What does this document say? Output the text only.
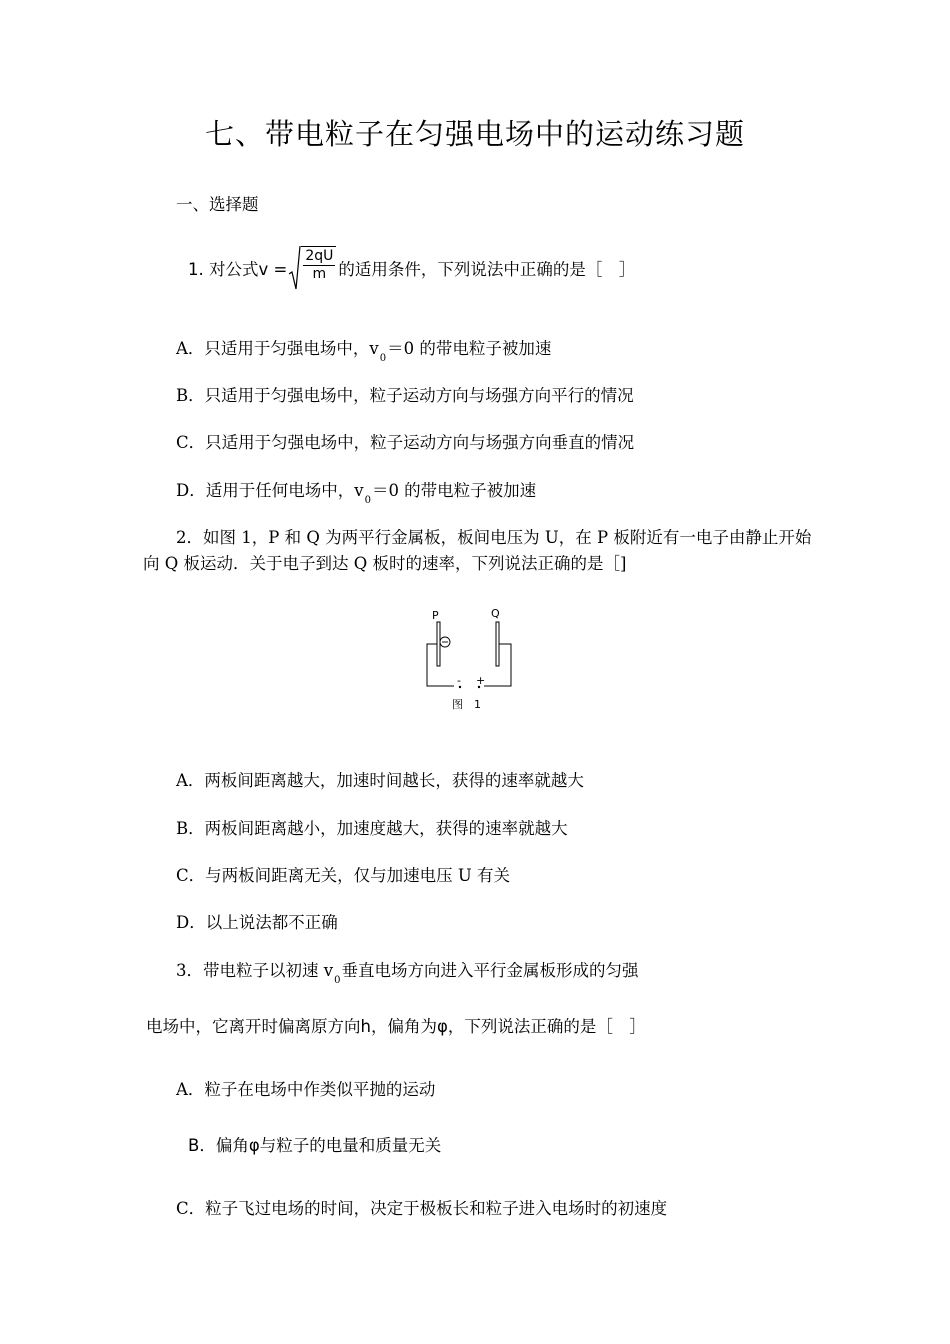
七、带电粒子在匀强电场中的运动练习题
一、选择题
1. 对公式$v = \frac{2qU}{m}$ 的适用条件，下列说法中正确的是［　］
A．只适用于匀强电场中，$v_0=0$ 的带电粒子被加速
B．只适用于匀强电场中，粒子运动方向与场强方向平行的情况
C．只适用于匀强电场中，粒子运动方向与场强方向垂直的情况
D．适用于任何电场中，$v_0=0$ 的带电粒子被加速
2．如图 1，P 和 Q 为两平行金属板，板间电压为 U，在 P 板附近有一电子由静止开始
向 Q 板运动．关于电子到达 Q 板时的速率，下列说法正确的是［]
P	Q
- +
图　1
A．两板间距离越大，加速时间越长，获得的速率就越大
B．两板间距离越小，加速度越大，获得的速率就越大
C．与两板间距离无关，仅与加速电压 U 有关
D．以上说法都不正确
3．带电粒子以初速 $v_0$垂直电场方向进入平行金属板形成的匀强
电场中，它离开时偏离原方向h，偏角为φ，下列说法正确的是［　］
A．粒子在电场中作类似平抛的运动
B．偏角φ与粒子的电量和质量无关
C．粒子飞过电场的时间，决定于极板长和粒子进入电场时的初速度
